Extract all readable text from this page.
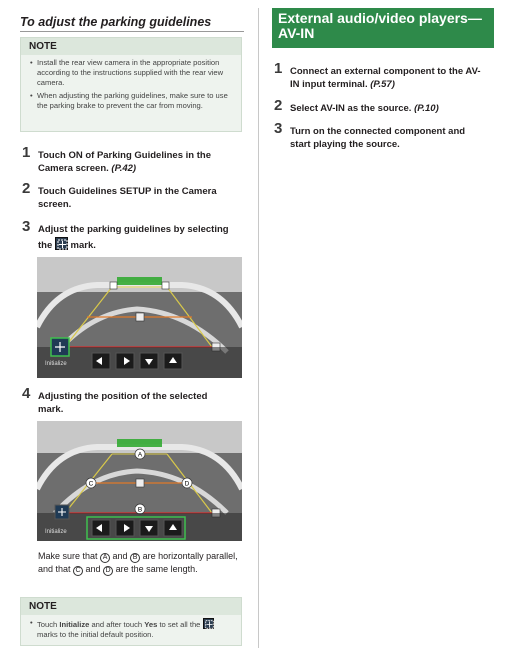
To adjust the parking guidelines
NOTE
• Install the rear view camera in the appropriate position according to the instructions supplied with the rear view camera.
• When adjusting the parking guidelines, make sure to use the parking brake to prevent the car from moving.
1 Touch ON of Parking Guidelines in the Camera screen. (P.42)
2 Touch Guidelines SETUP in the Camera screen.
3 Adjust the parking guidelines by selecting the
mark.
Initialize
4 Adjusting the position of the selected mark.
A
B
C	D
Initialize
Make sure that A and B are horizontally parallel, and that C and D are the same length.
NOTE
• Touch Initialize and after touch Yes to set all the
marks to the initial default position.
External audio/video players— AV-IN
1 Connect an external component to the AV-IN input terminal. (P.57)
2 Select AV-IN as the source. (P.10)
3 Turn on the connected component and start playing the source.
